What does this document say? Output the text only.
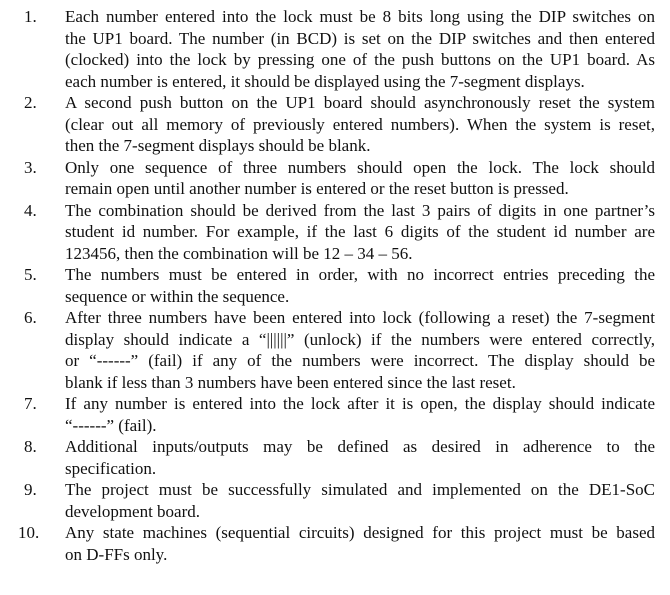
1.	Each number entered into the lock must be 8 bits long using the DIP switches on
the UP1 board. The number (in BCD) is set on the DIP switches and then entered
(clocked) into the lock by pressing one of the push buttons on the UP1 board. As
each number is entered, it should be displayed using the 7-segment displays.
2.	A second push button on the UP1 board should asynchronously reset the system
(clear out all memory of previously entered numbers). When the system is reset,
then the 7-segment displays should be blank.
3.	Only one sequence of three numbers should open the lock. The lock should
remain open until another number is entered or the reset button is pressed.
4.	The combination should be derived from the last 3 pairs of digits in one partner’s
student id number. For example, if the last 6 digits of the student id number are
123456, then the combination will be 12 – 34 – 56.
5.	The numbers must be entered in order, with no incorrect entries preceding the
sequence or within the sequence.
6.	After three numbers have been entered into lock (following a reset) the 7-segment
display should indicate a “||||||” (unlock) if the numbers were entered correctly,
or “------” (fail) if any of the numbers were incorrect. The display should be
blank if less than 3 numbers have been entered since the last reset.
7.	If any number is entered into the lock after it is open, the display should indicate
“------” (fail).
8.	Additional inputs/outputs may be defined as desired in adherence to the
specification.
9.	The project must be successfully simulated and implemented on the DE1-SoC
development board.
10.	Any state machines (sequential circuits) designed for this project must be based
on D-FFs only.
